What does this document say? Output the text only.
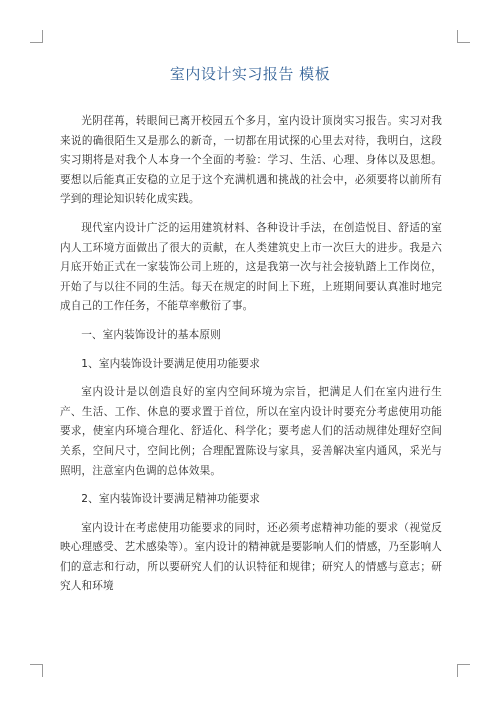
室内设计实习报告 模板

光阴荏苒，转眼间已离开校园五个多月，室内设计顶岗实习报告。实习对我来说的确很陌生又是那么的新奇，一切都在用试探的心里去对待，我明白，这段实习期将是对我个人本身一个全面的考验：学习、生活、心理、身体以及思想。要想以后能真正安稳的立足于这个充满机遇和挑战的社会中，必须要将以前所有学到的理论知识转化成实践。

现代室内设计广泛的运用建筑材料、各种设计手法，在创造悦目、舒适的室内人工环境方面做出了很大的贡献，在人类建筑史上市一次巨大的进步。我是六月底开始正式在一家装饰公司上班的，这是我第一次与社会接轨踏上工作岗位，开始了与以往不同的生活。每天在规定的时间上下班，上班期间要认真准时地完成自己的工作任务，不能草率敷衍了事。

一、室内装饰设计的基本原则

1、室内装饰设计要满足使用功能要求

室内设计是以创造良好的室内空间环境为宗旨，把满足人们在室内进行生产、生活、工作、休息的要求置于首位，所以在室内设计时要充分考虑使用功能要求，使室内环境合理化、舒适化、科学化；要考虑人们的活动规律处理好空间关系，空间尺寸，空间比例；合理配置陈设与家具，妥善解决室内通风，采光与照明，注意室内色调的总体效果。

2、室内装饰设计要满足精神功能要求

室内设计在考虑使用功能要求的同时，还必须考虑精神功能的要求（视觉反映心理感受、艺术感染等）。室内设计的精神就是要影响人们的情感，乃至影响人们的意志和行动，所以要研究人们的认识特征和规律；研究人的情感与意志；研究人和环境
